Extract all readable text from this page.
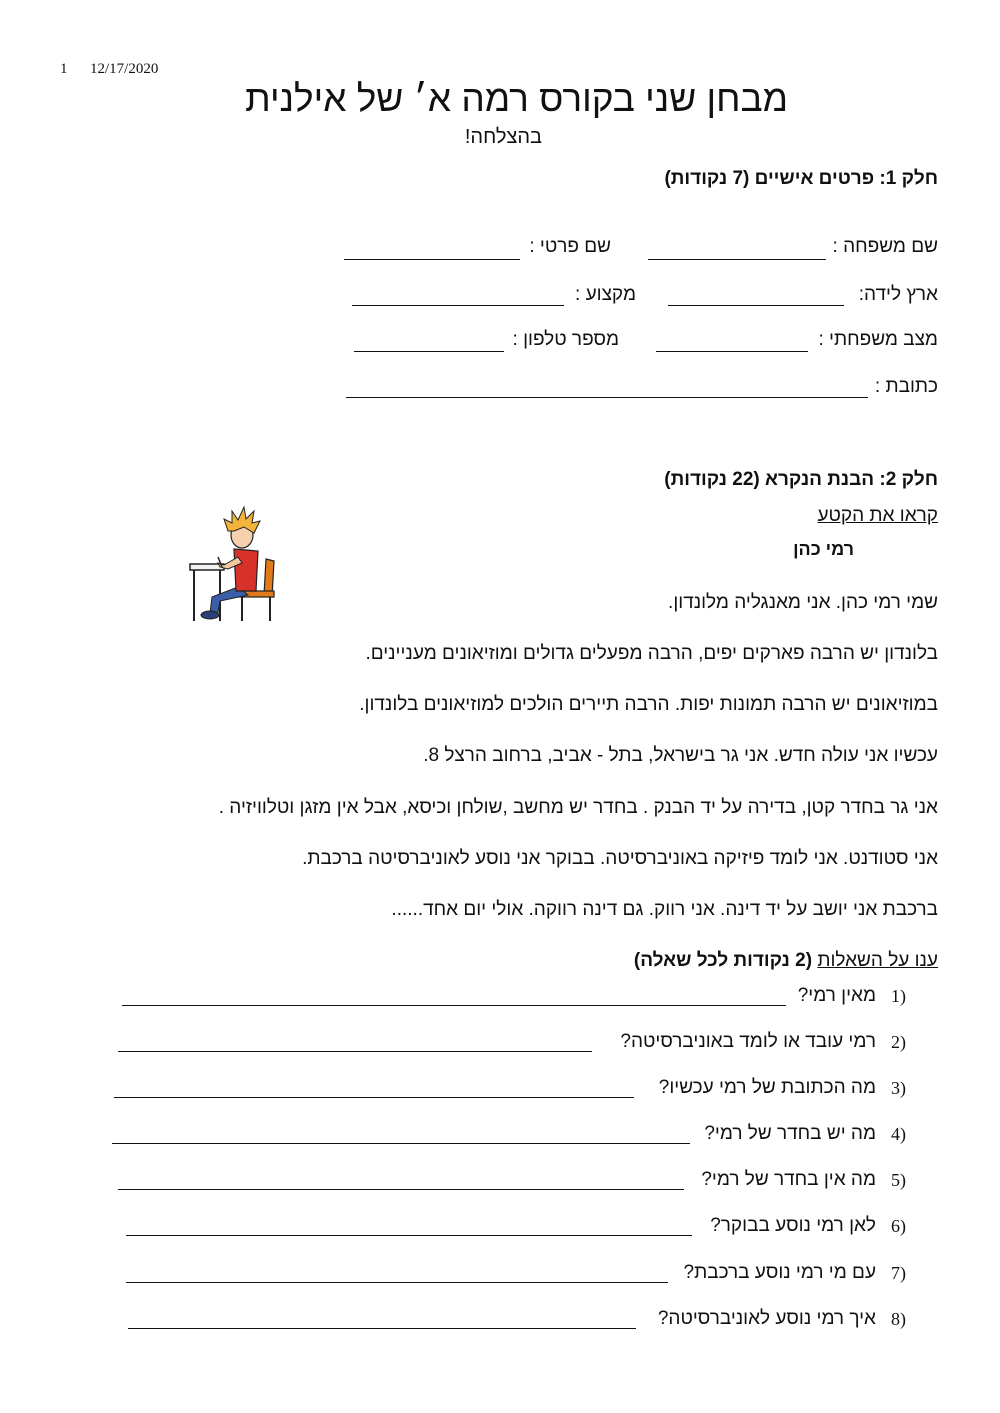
1 12/17/2020
מבחן שני בקורס רמה א׳ של אילנית
בהצלחה!
חלק 1: פרטים אישיים (7 נקודות)
שם משפחה :
שם פרטי :
ארץ לידה:
מקצוע :
מצב משפחתי :
מספר טלפון :
כתובת :
חלק 2: הבנת הנקרא (22 נקודות)
קראו את הקטע
רמי כהן
שמי רמי כהן. אני מאנגליה מלונדון.
בלונדון יש הרבה פארקים יפים, הרבה מפעלים גדולים ומוזיאונים מעניינים.
במוזיאונים יש הרבה תמונות יפות. הרבה תיירים הולכים למוזיאונים בלונדון.
עכשיו אני עולה חדש. אני גר בישראל, בתל - אביב, ברחוב הרצל 8.
אני גר בחדר קטן, בדירה על יד הבנק . בחדר יש מחשב ,שולחן וכיסא, אבל אין מזגן וטלוויזיה .
אני סטודנט. אני לומד פיזיקה באוניברסיטה. בבוקר אני נוסע לאוניברסיטה ברכבת.
ברכבת אני יושב על יד דינה. אני רווק. גם דינה רווקה. אולי יום אחד......
ענו על השאלות (2 נקודות לכל שאלה)
1)
מאין רמי?
2)
רמי עובד או לומד באוניברסיטה?
3)
מה הכתובת של רמי עכשיו?
4)
מה יש בחדר של רמי?
5)
מה אין בחדר של רמי?
6)
לאן רמי נוסע בבוקר?
7)
עם מי רמי נוסע ברכבת?
8)
איך רמי נוסע לאוניברסיטה?
